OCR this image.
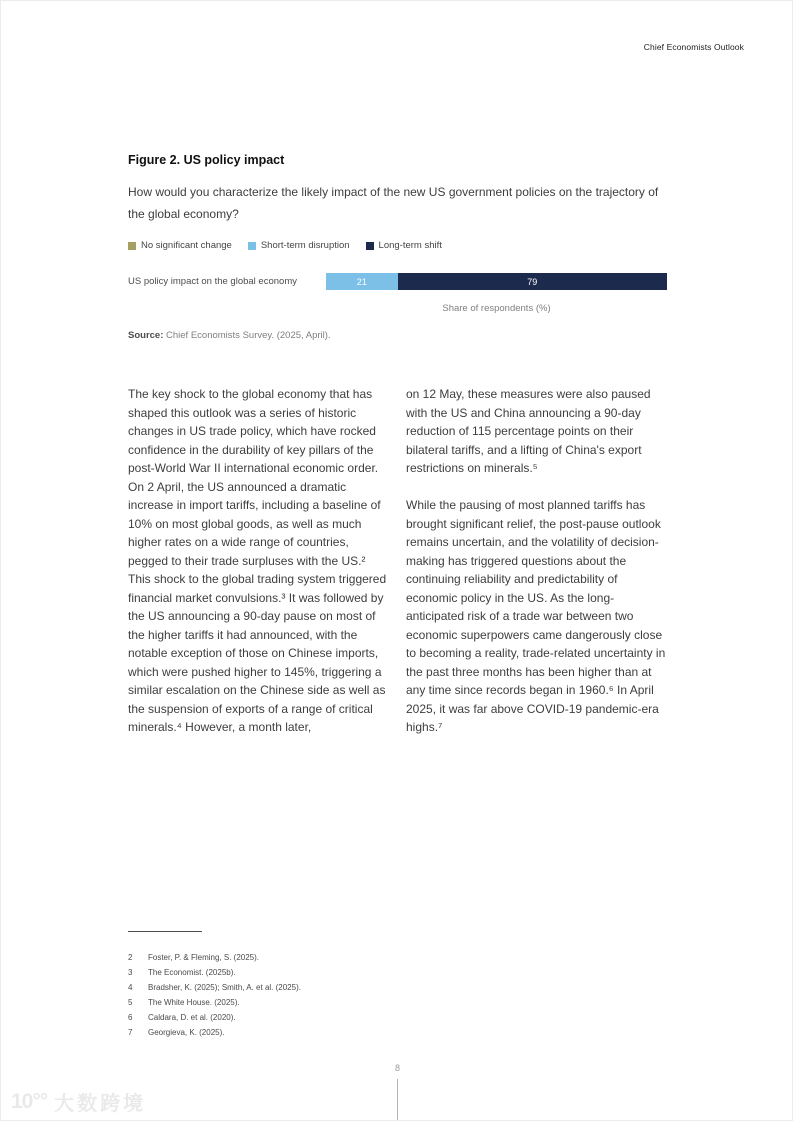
Chief Economists Outlook
Figure 2. US policy impact
How would you characterize the likely impact of the new US government policies on the trajectory of the global economy?
No significant change	Short-term disruption	Long-term shift
US policy impact on the global economy	21	79
Share of respondents (%)
Source: Chief Economists Survey. (2025, April).

The key shock to the global economy that has shaped this outlook was a series of historic changes in US trade policy, which have rocked confidence in the durability of key pillars of the post-World War II international economic order. On 2 April, the US announced a dramatic increase in import tariffs, including a baseline of 10% on most global goods, as well as much higher rates on a wide range of countries, pegged to their trade surpluses with the US.² This shock to the global trading system triggered financial market convulsions.³ It was followed by the US announcing a 90-day pause on most of the higher tariffs it had announced, with the notable exception of those on Chinese imports, which were pushed higher to 145%, triggering a similar escalation on the Chinese side as well as the suspension of exports of a range of critical minerals.⁴ However, a month later,

on 12 May, these measures were also paused with the US and China announcing a 90-day reduction of 115 percentage points on their bilateral tariffs, and a lifting of China's export restrictions on minerals.⁵

While the pausing of most planned tariffs has brought significant relief, the post-pause outlook remains uncertain, and the volatility of decision-making has triggered questions about the continuing reliability and predictability of economic policy in the US. As the long-anticipated risk of a trade war between two economic superpowers came dangerously close to becoming a reality, trade-related uncertainty in the past three months has been higher than at any time since records began in 1960.⁶ In April 2025, it was far above COVID-19 pandemic-era highs.⁷

2	Foster, P. & Fleming, S. (2025).
3	The Economist. (2025b).
4	Bradsher, K. (2025); Smith, A. et al. (2025).
5	The White House. (2025).
6	Caldara, D. et al. (2020).
7	Georgieva, K. (2025).
8
10°° 大数跨境
